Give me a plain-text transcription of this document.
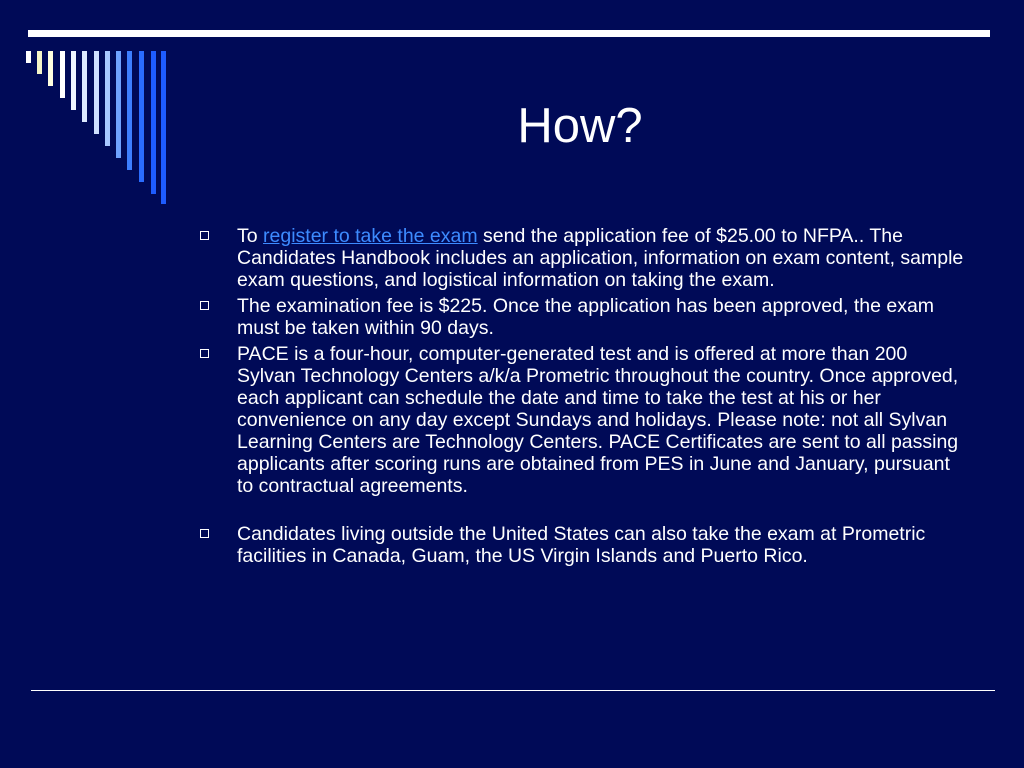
How?
To register to take the exam send the application fee of $25.00 to NFPA.. The Candidates Handbook includes an application, information on exam content, sample exam questions, and logistical information on taking the exam.
The examination fee is $225. Once the application has been approved, the exam must be taken within 90 days.
PACE is a four-hour, computer-generated test and is offered at more than 200 Sylvan Technology Centers a/k/a Prometric throughout the country. Once approved, each applicant can schedule the date and time to take the test at his or her convenience on any day except Sundays and holidays. Please note: not all Sylvan Learning Centers are Technology Centers. PACE Certificates are sent to all passing applicants after scoring runs are obtained from PES in June and January, pursuant to contractual agreements.
Candidates living outside the United States can also take the exam at Prometric facilities in Canada, Guam, the US Virgin Islands and Puerto Rico.
